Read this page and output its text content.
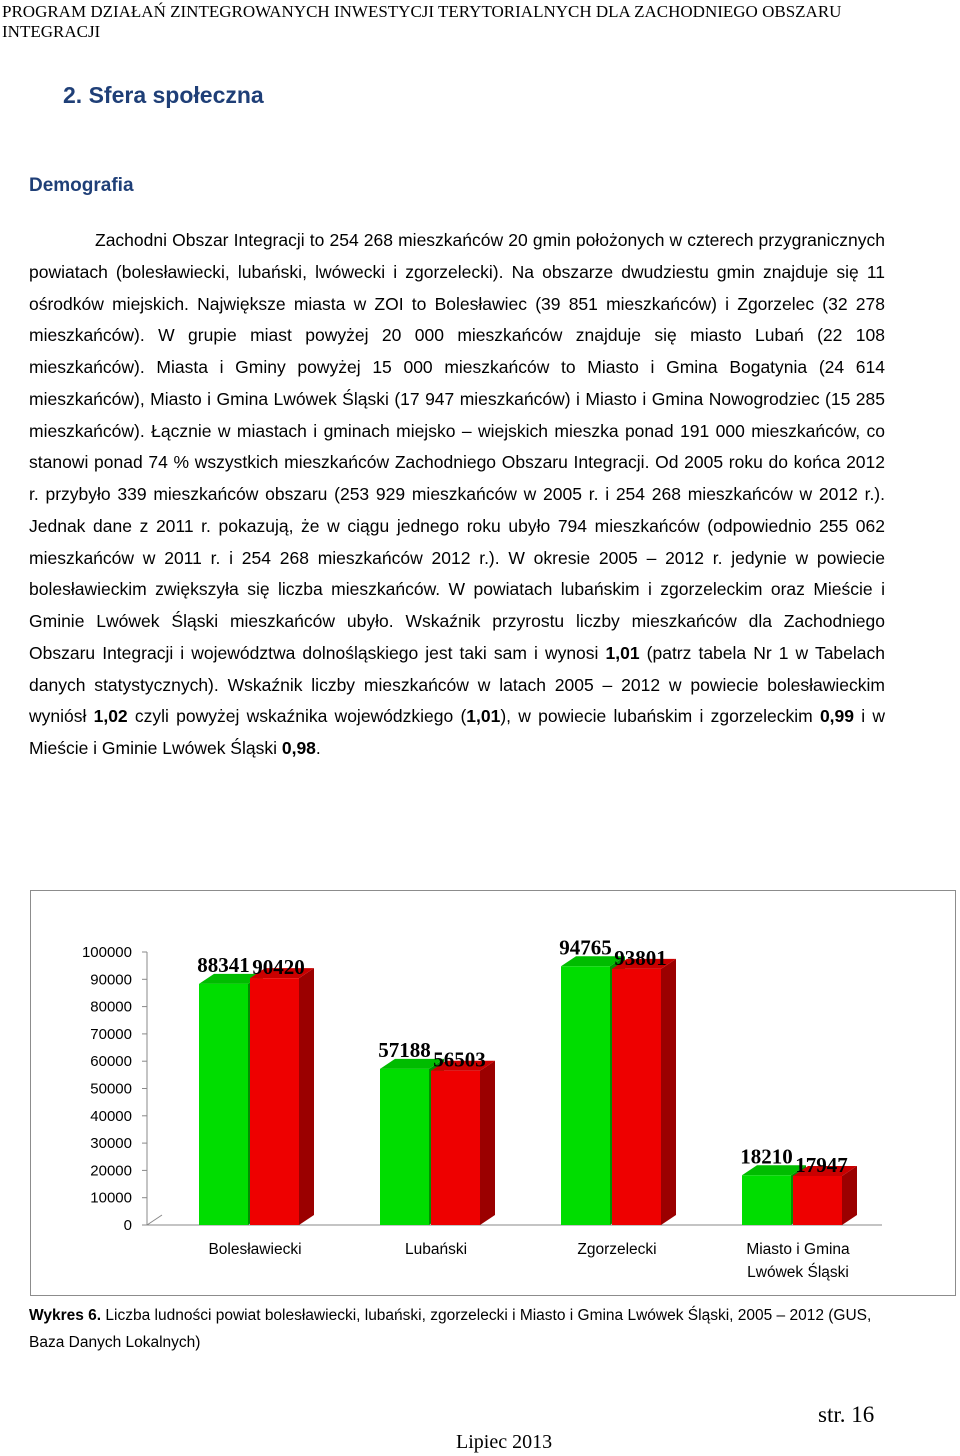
PROGRAM DZIAŁAŃ ZINTEGROWANYCH INWESTYCJI TERYTORIALNYCH DLA ZACHODNIEGO OBSZARU
INTEGRACJI
2. Sfera społeczna
Demografia

Zachodni Obszar Integracji to 254 268 mieszkańców 20 gmin położonych w czterech przygranicznych powiatach (bolesławiecki, lubański, lwówecki i zgorzelecki). Na obszarze dwudziestu gmin znajduje się 11 ośrodków miejskich. Największe miasta w ZOI to Bolesławiec (39 851 mieszkańców) i Zgorzelec (32 278 mieszkańców). W grupie miast powyżej 20 000 mieszkańców znajduje się miasto Lubań (22 108 mieszkańców). Miasta i Gminy powyżej 15 000 mieszkańców to Miasto i Gmina Bogatynia (24 614 mieszkańców), Miasto i Gmina Lwówek Śląski (17 947 mieszkańców) i Miasto i Gmina Nowogrodziec (15 285 mieszkańców). Łącznie w miastach i gminach miejsko – wiejskich mieszka ponad 191 000 mieszkańców, co stanowi ponad 74 % wszystkich mieszkańców Zachodniego Obszaru Integracji. Od 2005 roku do końca 2012 r. przybyło 339 mieszkańców obszaru (253 929 mieszkańców w 2005 r. i 254 268 mieszkańców w 2012 r.). Jednak dane z 2011 r. pokazują, że w ciągu jednego roku ubyło 794 mieszkańców (odpowiednio 255 062 mieszkańców w 2011 r. i 254 268 mieszkańców 2012 r.). W okresie 2005 – 2012 r. jedynie w powiecie bolesławieckim zwiększyła się liczba mieszkańców. W powiatach lubańskim i zgorzeleckim oraz Mieście i Gminie Lwówek Śląski mieszkańców ubyło. Wskaźnik przyrostu liczby mieszkańców dla Zachodniego Obszaru Integracji i województwa dolnośląskiego jest taki sam i wynosi 1,01 (patrz tabela Nr 1 w Tabelach danych statystycznych). Wskaźnik liczby mieszkańców w latach 2005 – 2012 w powiecie bolesławieckim wyniósł 1,02 czyli powyżej wskaźnika wojewódzkiego (1,01), w powiecie lubańskim i zgorzeleckim 0,99 i w Mieście i Gminie Lwówek Śląski 0,98.

0
10000
20000
30000
40000
50000
60000
70000
80000
90000
100000
88341 90420
Bolesławiecki
57188 56503
Lubański
94765 93801
Zgorzelecki
18210 17947
Miasto i Gmina
Lwówek Śląski
Wykres 6. Liczba ludności powiat bolesławiecki, lubański, zgorzelecki i Miasto i Gmina Lwówek Śląski, 2005 – 2012 (GUS, Baza Danych Lokalnych)
str. 16
Lipiec 2013
